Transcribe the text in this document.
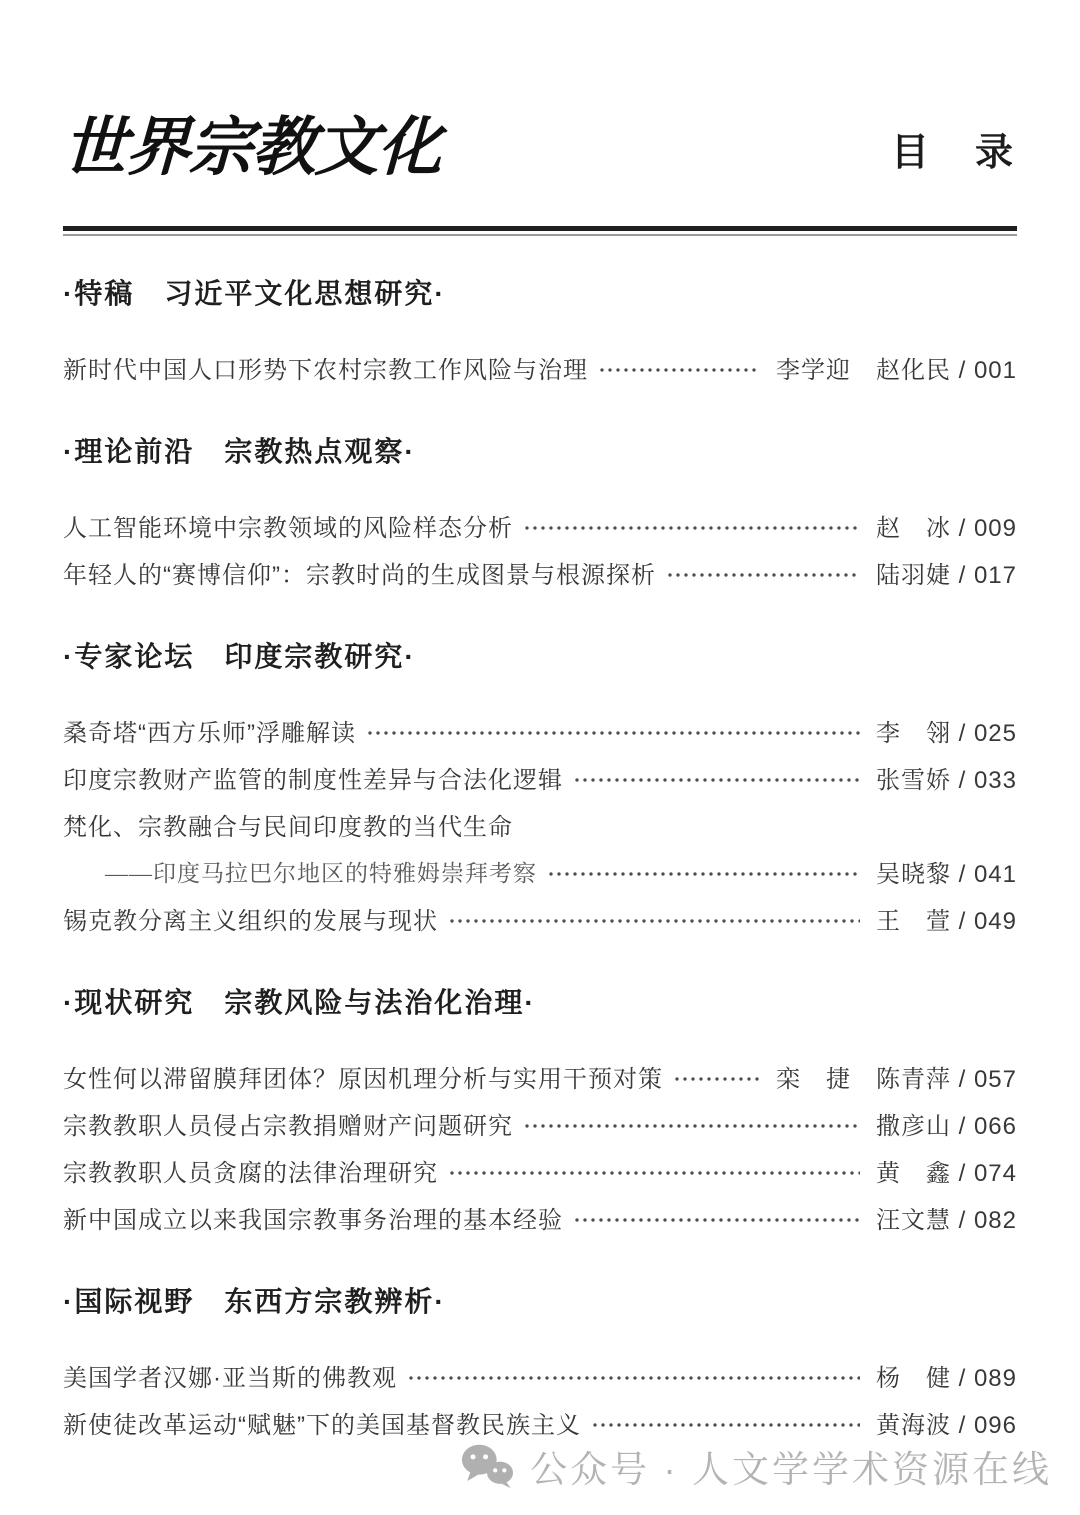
世界宗教文化	目　录
·特稿　习近平文化思想研究·
新时代中国人口形势下农村宗教工作风险与治理	李学迎　赵化民 / 001
·理论前沿　宗教热点观察·
人工智能环境中宗教领域的风险样态分析	赵　冰 / 009
年轻人的“赛博信仰”：宗教时尚的生成图景与根源探析	陆羽婕 / 017
·专家论坛　印度宗教研究·
桑奇塔“西方乐师”浮雕解读	李　翎 / 025
印度宗教财产监管的制度性差异与合法化逻辑	张雪娇 / 033
梵化、宗教融合与民间印度教的当代生命
——印度马拉巴尔地区的特雅姆崇拜考察	吴晓黎 / 041
锡克教分离主义组织的发展与现状	王　萱 / 049
·现状研究　宗教风险与法治化治理·
女性何以滞留膜拜团体？原因机理分析与实用干预对策	栾　捷　陈青萍 / 057
宗教教职人员侵占宗教捐赠财产问题研究	撒彦山 / 066
宗教教职人员贪腐的法律治理研究	黄　鑫 / 074
新中国成立以来我国宗教事务治理的基本经验	汪文慧 / 082
·国际视野　东西方宗教辨析·
美国学者汉娜·亚当斯的佛教观	杨　健 / 089
新使徒改革运动“赋魅”下的美国基督教民族主义	黄海波 / 096
公众号 · 人文学学术资源在线
